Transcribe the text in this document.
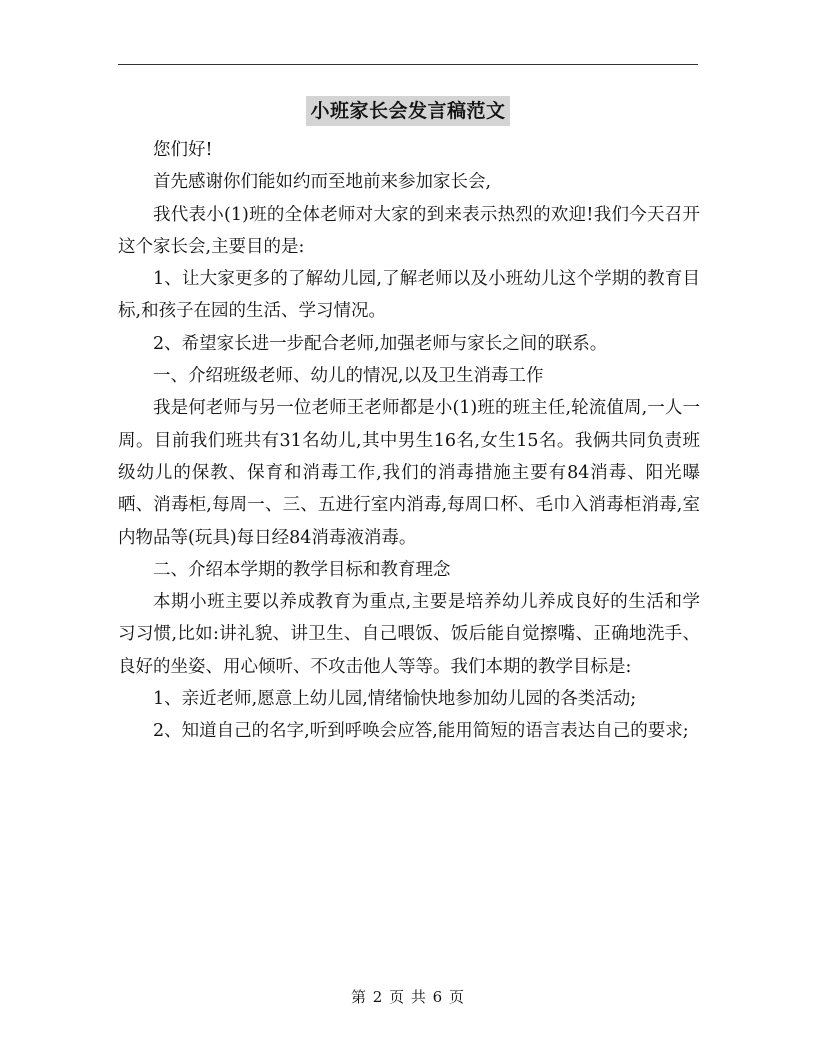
小班家长会发言稿范文

您们好!

首先感谢你们能如约而至地前来参加家长会,

我代表小(1)班的全体老师对大家的到来表示热烈的欢迎!我们今天召开这个家长会,主要目的是:

1、让大家更多的了解幼儿园,了解老师以及小班幼儿这个学期的教育目标,和孩子在园的生活、学习情况。

2、希望家长进一步配合老师,加强老师与家长之间的联系。

一、介绍班级老师、幼儿的情况,以及卫生消毒工作

我是何老师与另一位老师王老师都是小(1)班的班主任,轮流值周,一人一周。目前我们班共有31名幼儿,其中男生16名,女生15名。我俩共同负责班级幼儿的保教、保育和消毒工作,我们的消毒措施主要有84消毒、阳光曝晒、消毒柜,每周一、三、五进行室内消毒,每周口杯、毛巾入消毒柜消毒,室内物品等(玩具)每日经84消毒液消毒。

二、介绍本学期的教学目标和教育理念

本期小班主要以养成教育为重点,主要是培养幼儿养成良好的生活和学习习惯,比如:讲礼貌、讲卫生、自己喂饭、饭后能自觉擦嘴、正确地洗手、良好的坐姿、用心倾听、不攻击他人等等。我们本期的教学目标是:

1、亲近老师,愿意上幼儿园,情绪愉快地参加幼儿园的各类活动;

2、知道自己的名字,听到呼唤会应答,能用简短的语言表达自己的要求;

第 2 页 共 6 页
